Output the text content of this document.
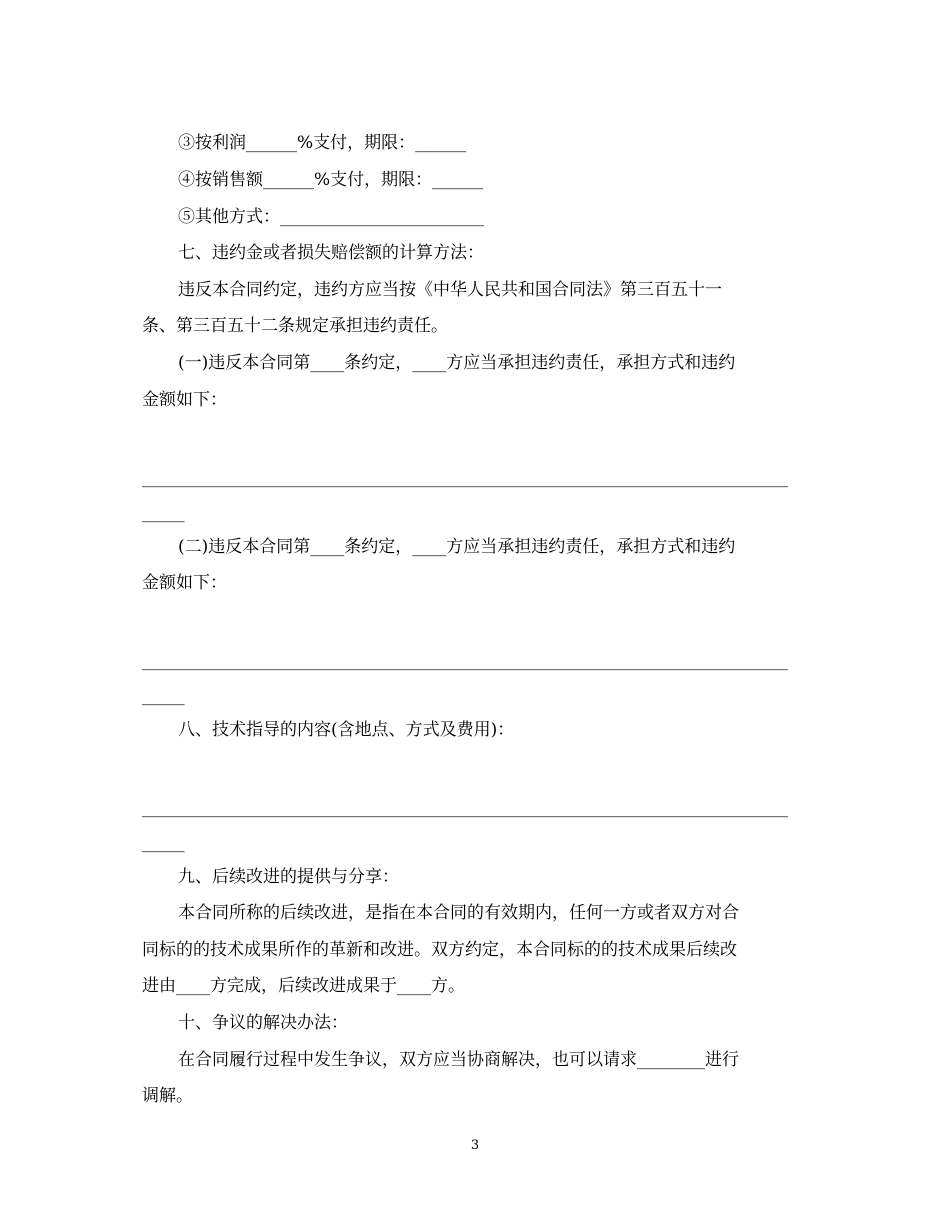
③按利润______%支付，期限：______
④按销售额______%支付，期限：______
⑤其他方式：________________________
七、违约金或者损失赔偿额的计算方法：
违反本合同约定，违约方应当按《中华人民共和国合同法》第三百五十一
条、第三百五十二条规定承担违约责任。
(一)违反本合同第____条约定，____方应当承担违约责任，承担方式和违约
金额如下：
____________________________________________________________________________
_____
(二)违反本合同第____条约定，____方应当承担违约责任，承担方式和违约
金额如下：
____________________________________________________________________________
_____
八、技术指导的内容(含地点、方式及费用)：
____________________________________________________________________________
_____
九、后续改进的提供与分享：
本合同所称的后续改进，是指在本合同的有效期内，任何一方或者双方对合
同标的的技术成果所作的革新和改进。双方约定，本合同标的的技术成果后续改
进由____方完成，后续改进成果于____方。
十、争议的解决办法：
在合同履行过程中发生争议，双方应当协商解决，也可以请求________进行
调解。
3
